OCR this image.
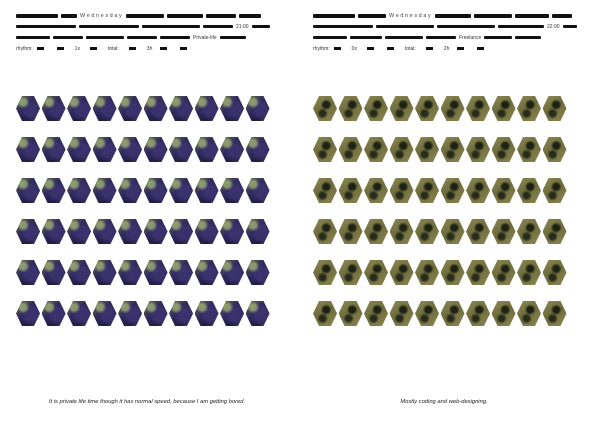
Wednesday
21:00
Private-life
rhythm :	1x	total :	3h
It is private life time though it has normal speed, because I am getting bored.
Wednesday
22:00
Freelance
rhythm :	0x	total :	2h
Mostly coding and web-designing.
